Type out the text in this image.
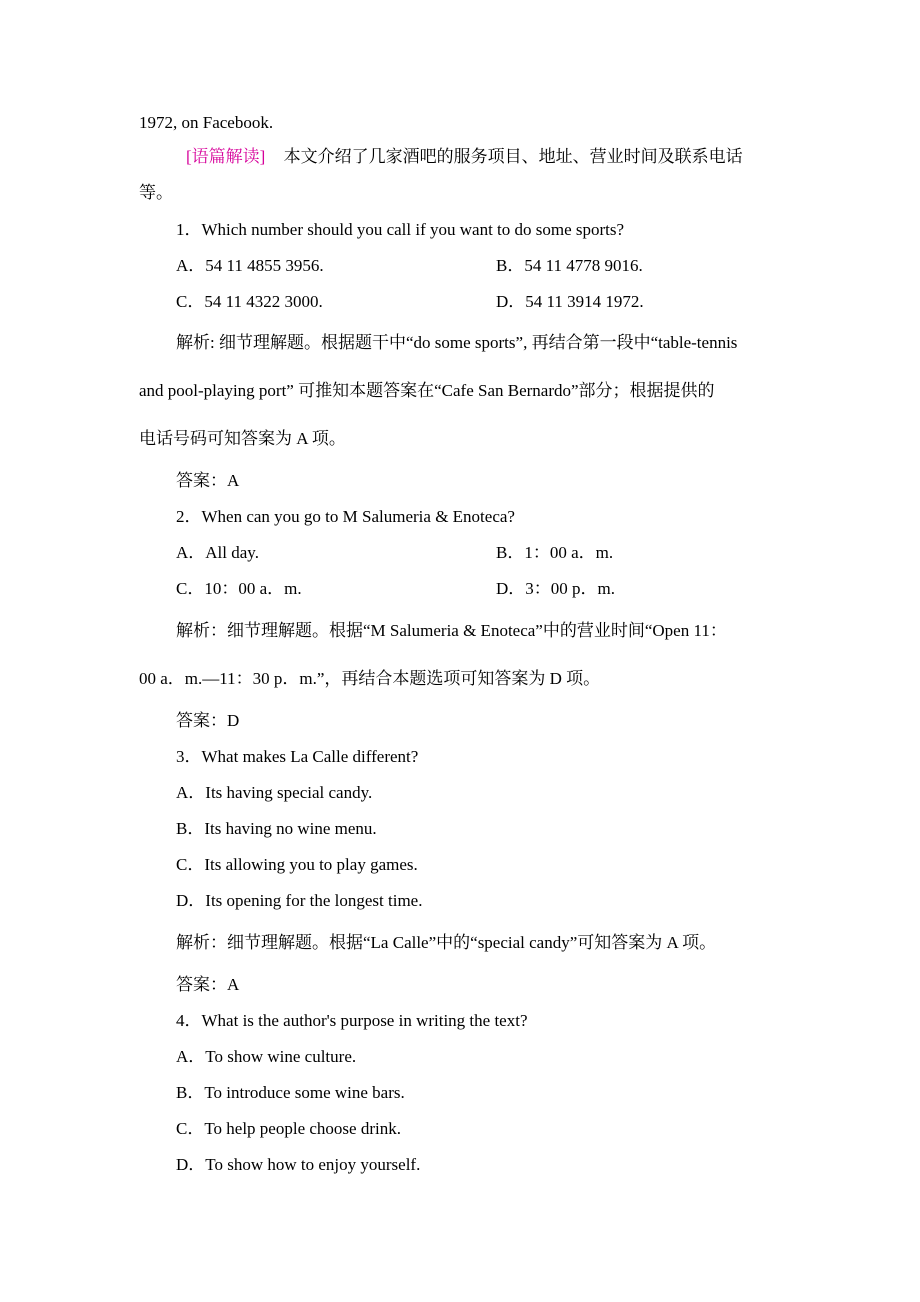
1972, on Facebook.
[语篇解读] 本文介绍了几家酒吧的服务项目、地址、营业时间及联系电话
等。
1．Which number should you call if you want to do some sports?
A．54 11 4855 3956.	B．54 11 4778 9016.
C．54 11 4322 3000.	D．54 11 3914 1972.
解析: 细节理解题。根据题干中“do some sports”, 再结合第一段中“table-tennis
and pool-playing port” 可推知本题答案在“Cafe San Bernardo”部分；根据提供的
电话号码可知答案为 A 项。
答案：A
2．When can you go to M Salumeria & Enoteca?
A．All day.	B．1：00 a．m.
C．10：00 a．m.	D．3：00 p．m.
解析：细节理解题。根据“M Salumeria & Enoteca”中的营业时间“Open 11：
00 a．m.—11：30 p．m.”，再结合本题选项可知答案为 D 项。
答案：D
3．What makes La Calle different?
A．Its having special candy.
B．Its having no wine menu.
C．Its allowing you to play games.
D．Its opening for the longest time.
解析：细节理解题。根据“La Calle”中的“special candy”可知答案为 A 项。
答案：A
4．What is the author's purpose in writing the text?
A．To show wine culture.
B．To introduce some wine bars.
C．To help people choose drink.
D．To show how to enjoy yourself.
